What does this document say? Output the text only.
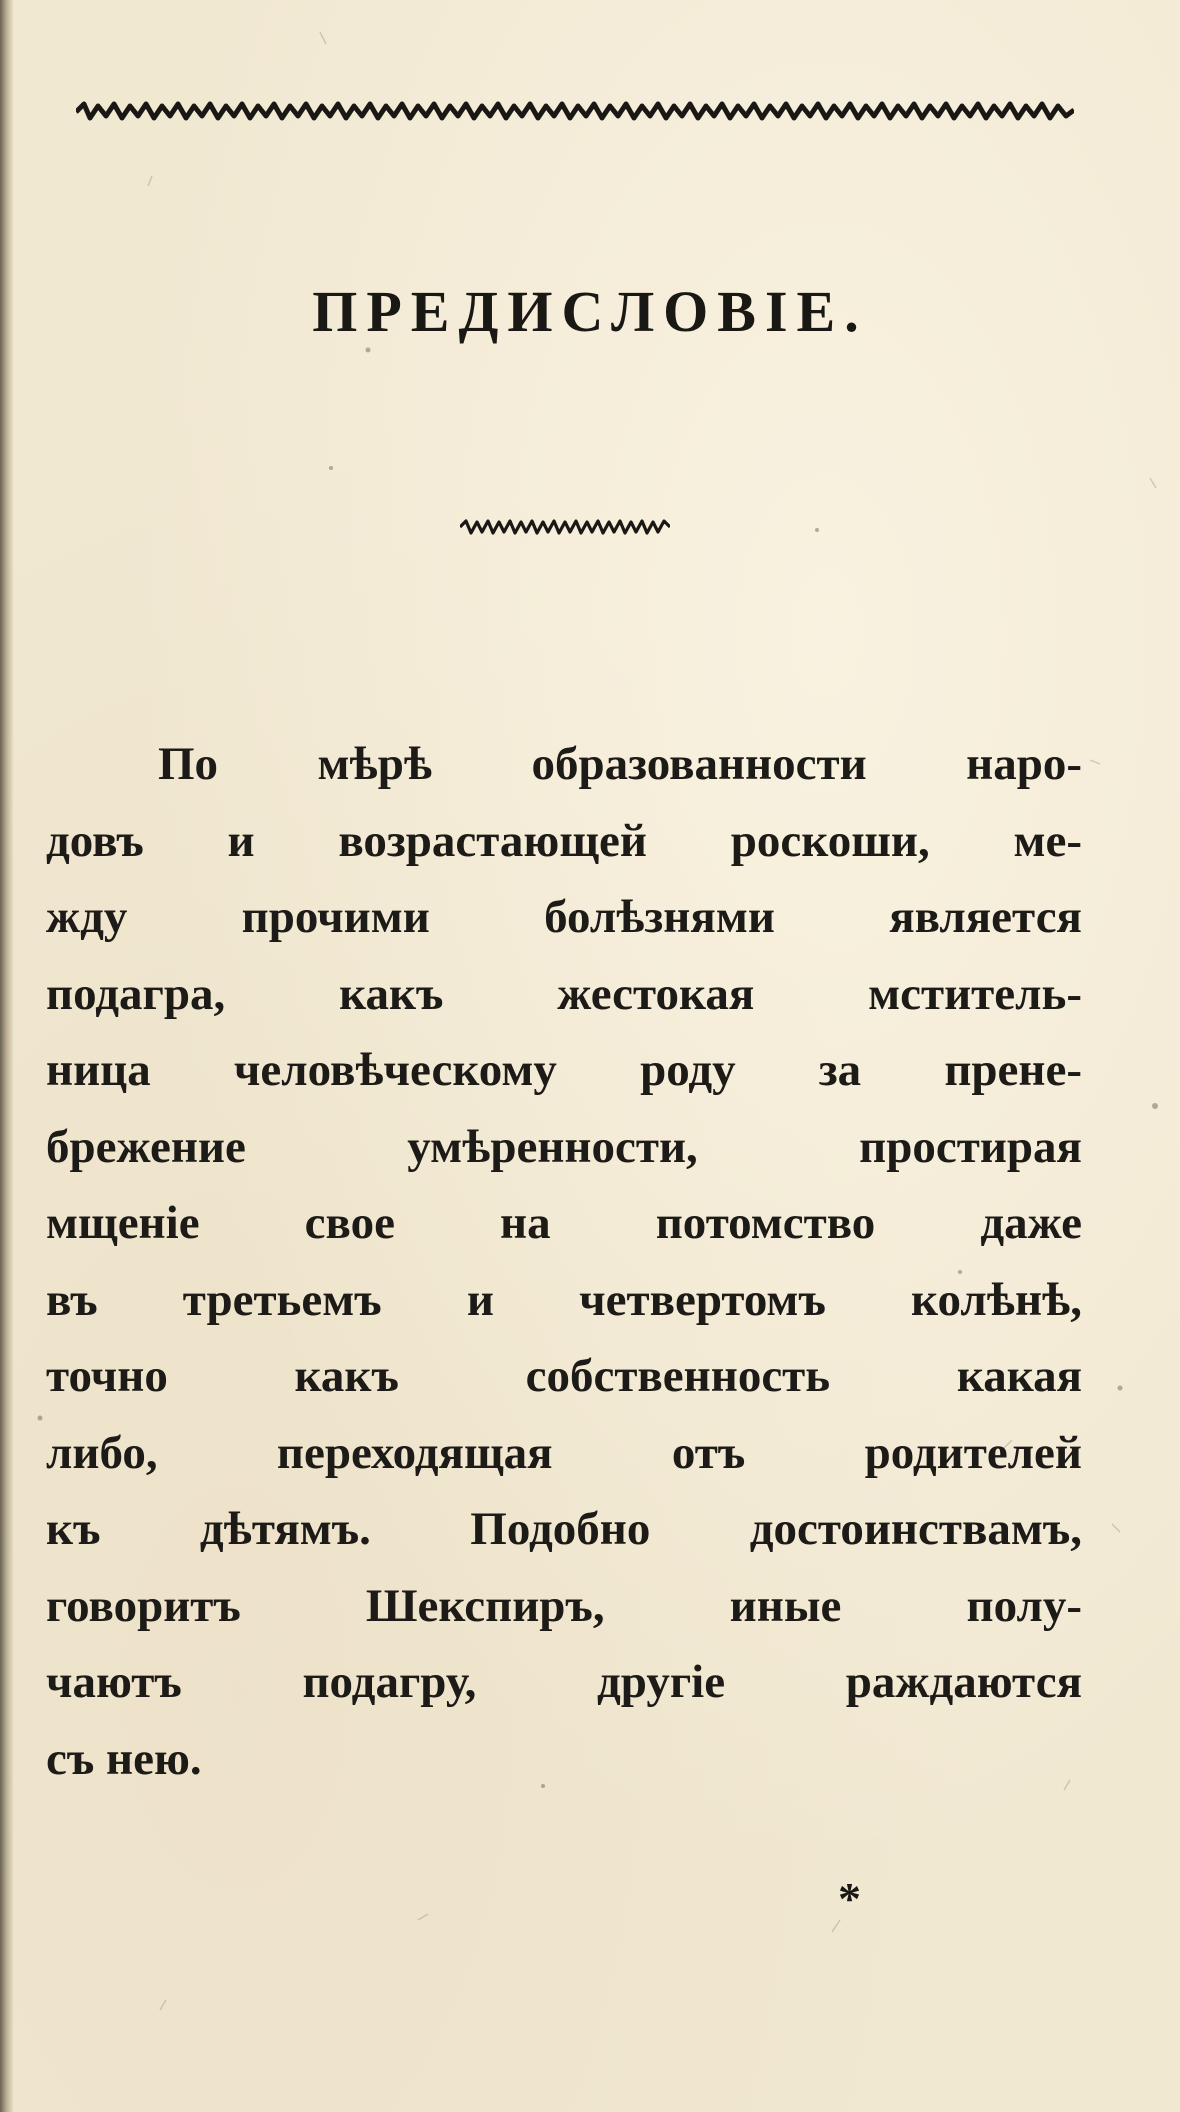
ПРЕДИСЛОВІЕ.
По мѣрѣ образованности наро-
довъ и возрастающей роскоши, ме-
жду прочими болѣзнями является
подагра, какъ жестокая мститель-
ница человѣческому роду за прене-
брежение умѣренности, простирая
мщеніе свое на потомство даже
въ третьемъ и четвертомъ колѣнѣ,
точно какъ собственность какая
либо, переходящая отъ родителей
къ дѣтямъ. Подобно достоинствамъ,
говоритъ Шекспиръ, иные полу-
чаютъ подагру, другіе раждаются
съ нею.
*
